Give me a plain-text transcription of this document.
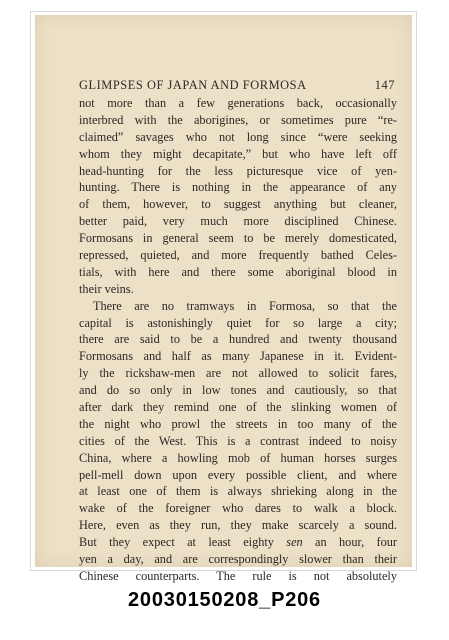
GLIMPSES OF JAPAN AND FORMOSA	147
not more than a few generations back, occasionally
interbred with the aborigines, or sometimes pure “re-
claimed” savages who not long since “were seeking
whom they might decapitate,” but who have left off
head-hunting for the less picturesque vice of yen-
hunting. There is nothing in the appearance of any
of them, however, to suggest anything but cleaner,
better paid, very much more disciplined Chinese.
Formosans in general seem to be merely domesticated,
repressed, quieted, and more frequently bathed Celes-
tials, with here and there some aboriginal blood in
their veins.
There are no tramways in Formosa, so that the
capital is astonishingly quiet for so large a city;
there are said to be a hundred and twenty thousand
Formosans and half as many Japanese in it. Evident-
ly the rickshaw-men are not allowed to solicit fares,
and do so only in low tones and cautiously, so that
after dark they remind one of the slinking women of
the night who prowl the streets in too many of the
cities of the West. This is a contrast indeed to noisy
China, where a howling mob of human horses surges
pell-mell down upon every possible client, and where
at least one of them is always shrieking along in the
wake of the foreigner who dares to walk a block.
Here, even as they run, they make scarcely a sound.
But they expect at least eighty sen an hour, four
yen a day, and are correspondingly slower than their
Chinese counterparts. The rule is not absolutely
20030150208_P206
